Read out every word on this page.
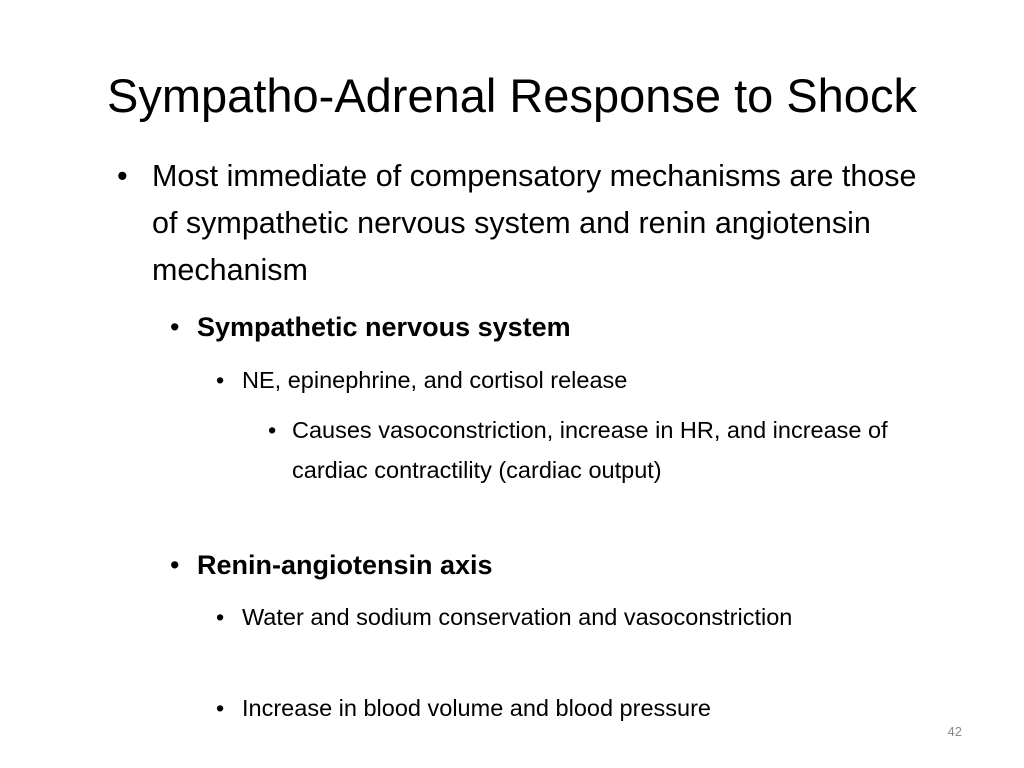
Sympatho-Adrenal Response to Shock
• Most immediate of compensatory mechanisms are those of sympathetic nervous system and renin angiotensin mechanism
• Sympathetic nervous system
• NE, epinephrine, and cortisol release
• Causes vasoconstriction, increase in HR, and increase of cardiac contractility (cardiac output)
• Renin-angiotensin axis
• Water and sodium conservation and vasoconstriction
• Increase in blood volume and blood pressure
42
